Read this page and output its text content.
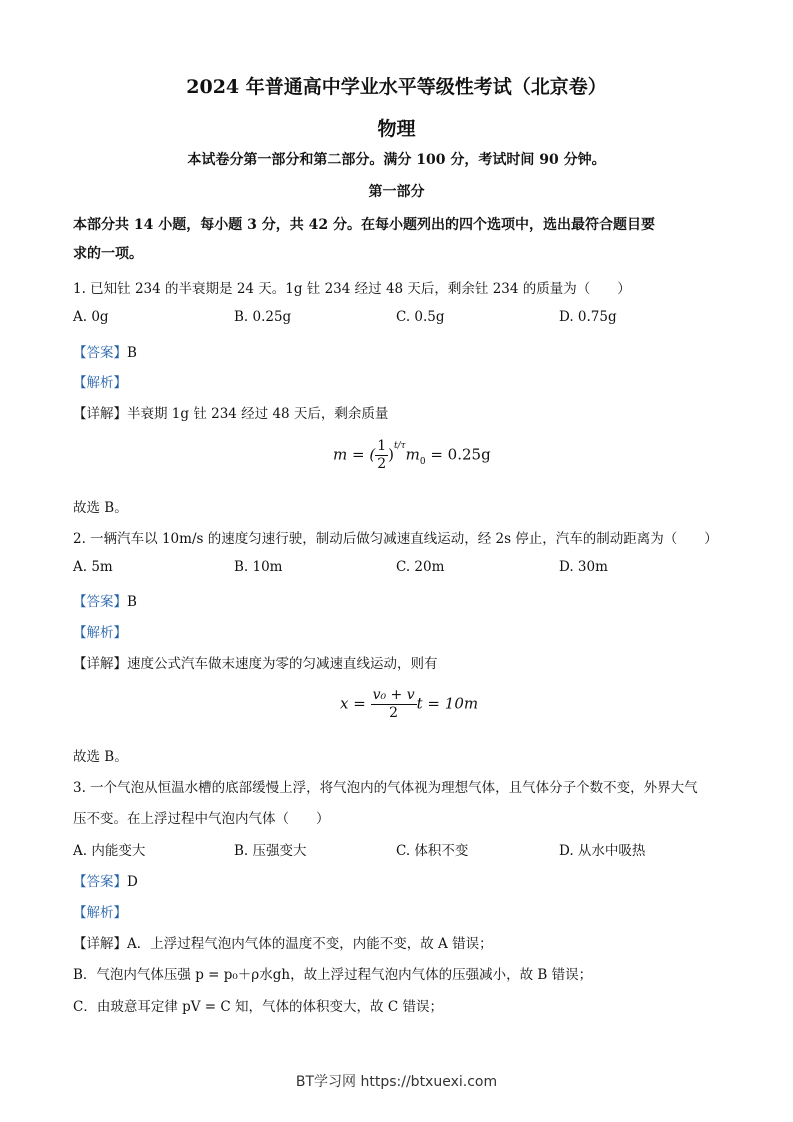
2024 年普通高中学业水平等级性考试（北京卷）
物理
本试卷分第一部分和第二部分。满分 100 分，考试时间 90 分钟。
第一部分
本部分共 14 小题，每小题 3 分，共 42 分。在每小题列出的四个选项中，选出最符合题目要
求的一项。
1. 已知钍 234 的半衰期是 24 天。1g 钍 234 经过 48 天后，剩余钍 234 的质量为（　　）
A. 0g	B. 0.25g	C. 0.5g	D. 0.75g
【答案】B
【解析】
【详解】半衰期 1g 钍 234 经过 48 天后，剩余质量
m = ( $\frac{1}{2} )^{t/\tau}m_0 = 0.25g$
故选 B。
2. 一辆汽车以 10m/s 的速度匀速行驶，制动后做匀减速直线运动，经 2s 停止，汽车的制动距离为（　　）
A. 5m	B. 10m	C. 20m	D. 30m
【答案】B
【解析】
【详解】速度公式汽车做末速度为零的匀减速直线运动，则有
$x = \frac{\text{v₀ + v}}{2}$ t = 10m
故选 B。
3. 一个气泡从恒温水槽的底部缓慢上浮，将气泡内的气体视为理想气体，且气体分子个数不变，外界大气
压不变。在上浮过程中气泡内气体（　　）
A. 内能变大	B. 压强变大	C. 体积不变	D. 从水中吸热
【答案】D
【解析】
【详解】A．上浮过程气泡内气体的温度不变，内能不变，故 A 错误；
B．气泡内气体压强 p = p₀＋ρ水gh，故上浮过程气泡内气体的压强减小，故 B 错误；
C．由玻意耳定律 pV = C 知，气体的体积变大，故 C 错误；
BT学习网 https://btxuexi.com
